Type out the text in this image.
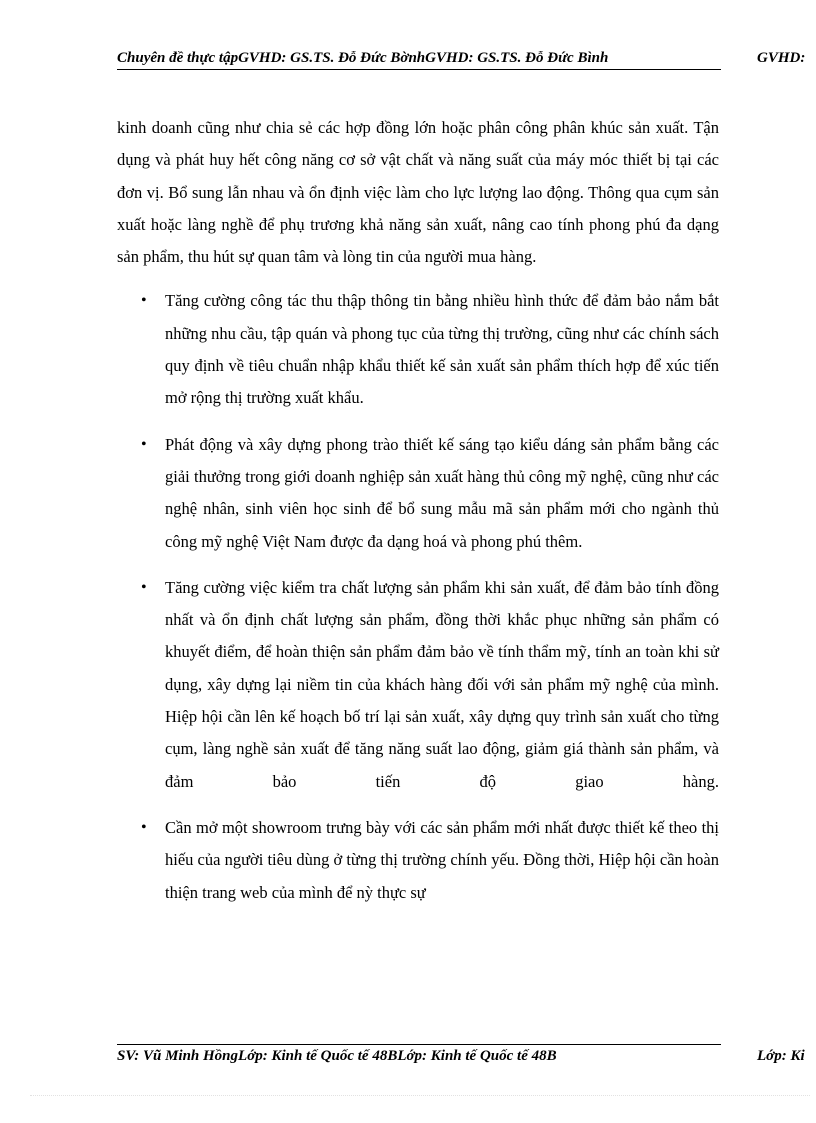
Chuyên đề thực tậpGVHD: GS.TS. Đỗ Đức BờnhGVHD: GS.TS. Đỗ Đức Bình	GVHD:

kinh doanh cũng như chia sẻ các hợp đồng lớn hoặc phân công phân khúc sản xuất. Tận dụng và phát huy hết công năng cơ sở vật chất và năng suất của máy móc thiết bị tại các đơn vị. Bổ sung lẫn nhau và ổn định việc làm cho lực lượng lao động. Thông qua cụm sản xuất hoặc làng nghề để phụ trương khả năng sản xuất, nâng cao tính phong phú đa dạng sản phẩm, thu hút sự quan tâm và lòng tin của người mua hàng.

• Tăng cường công tác thu thập thông tin bằng nhiều hình thức để đảm bảo nắm bắt những nhu cầu, tập quán và phong tục của từng thị trường, cũng như các chính sách quy định về tiêu chuẩn nhập khẩu thiết kế sản xuất sản phẩm thích hợp để xúc tiến mở rộng thị trường xuất khẩu.
• Phát động và xây dựng phong trào thiết kế sáng tạo kiểu dáng sản phẩm bằng các giải thưởng trong giới doanh nghiệp sản xuất hàng thủ công mỹ nghệ, cũng như các nghệ nhân, sinh viên học sinh để bổ sung mẫu mã sản phẩm mới cho ngành thủ công mỹ nghệ Việt Nam được đa dạng hoá và phong phú thêm.
• Tăng cường việc kiểm tra chất lượng sản phẩm khi sản xuất, để đảm bảo tính đồng nhất và ổn định chất lượng sản phẩm, đồng thời khắc phục những sản phẩm có khuyết điểm, để hoàn thiện sản phẩm đảm bảo về tính thẩm mỹ, tính an toàn khi sử dụng, xây dựng lại niềm tin của khách hàng đối với sản phẩm mỹ nghệ của mình. Hiệp hội cần lên kế hoạch bố trí lại sản xuất, xây dựng quy trình sản xuất cho từng cụm, làng nghề sản xuất để tăng năng suất lao động, giảm giá thành sản phẩm, và đảm bảo tiến độ giao hàng.
• Cần mở một showroom trưng bày với các sản phẩm mới nhất được thiết kế theo thị hiếu của người tiêu dùng ở từng thị trường chính yếu. Đồng thời, Hiệp hội cần hoàn thiện trang web của mình để nỳ thực sự
SV: Vũ Minh HồngLớp: Kinh tế Quốc tế 48BLớp: Kinh tế Quốc tế 48B	Lớp: Ki
